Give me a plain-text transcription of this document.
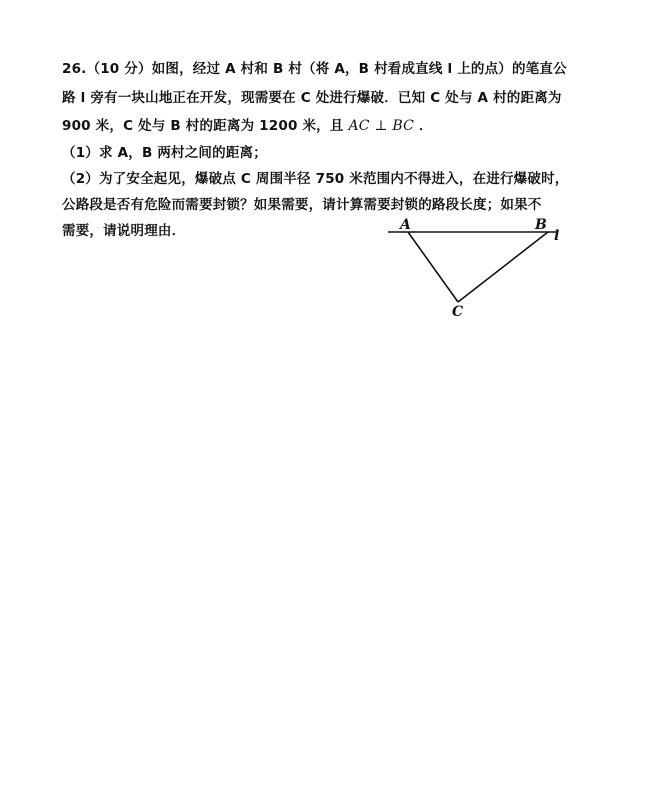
26.（10 分）如图，经过 A 村和 B 村（将 A，B 村看成直线 l 上的点）的笔直公
路 l 旁有一块山地正在开发，现需要在 C 处进行爆破．已知 C 处与 A 村的距离为
900 米，C 处与 B 村的距离为 1200 米，且 AC ⊥ BC ．
（1）求 A，B 两村之间的距离；
（2）为了安全起见，爆破点 C 周围半径 750 米范围内不得进入，在进行爆破时，
公路段是否有危险而需要封锁？如果需要，请计算需要封锁的路段长度；如果不
需要，请说明理由．	A	B
C
l
